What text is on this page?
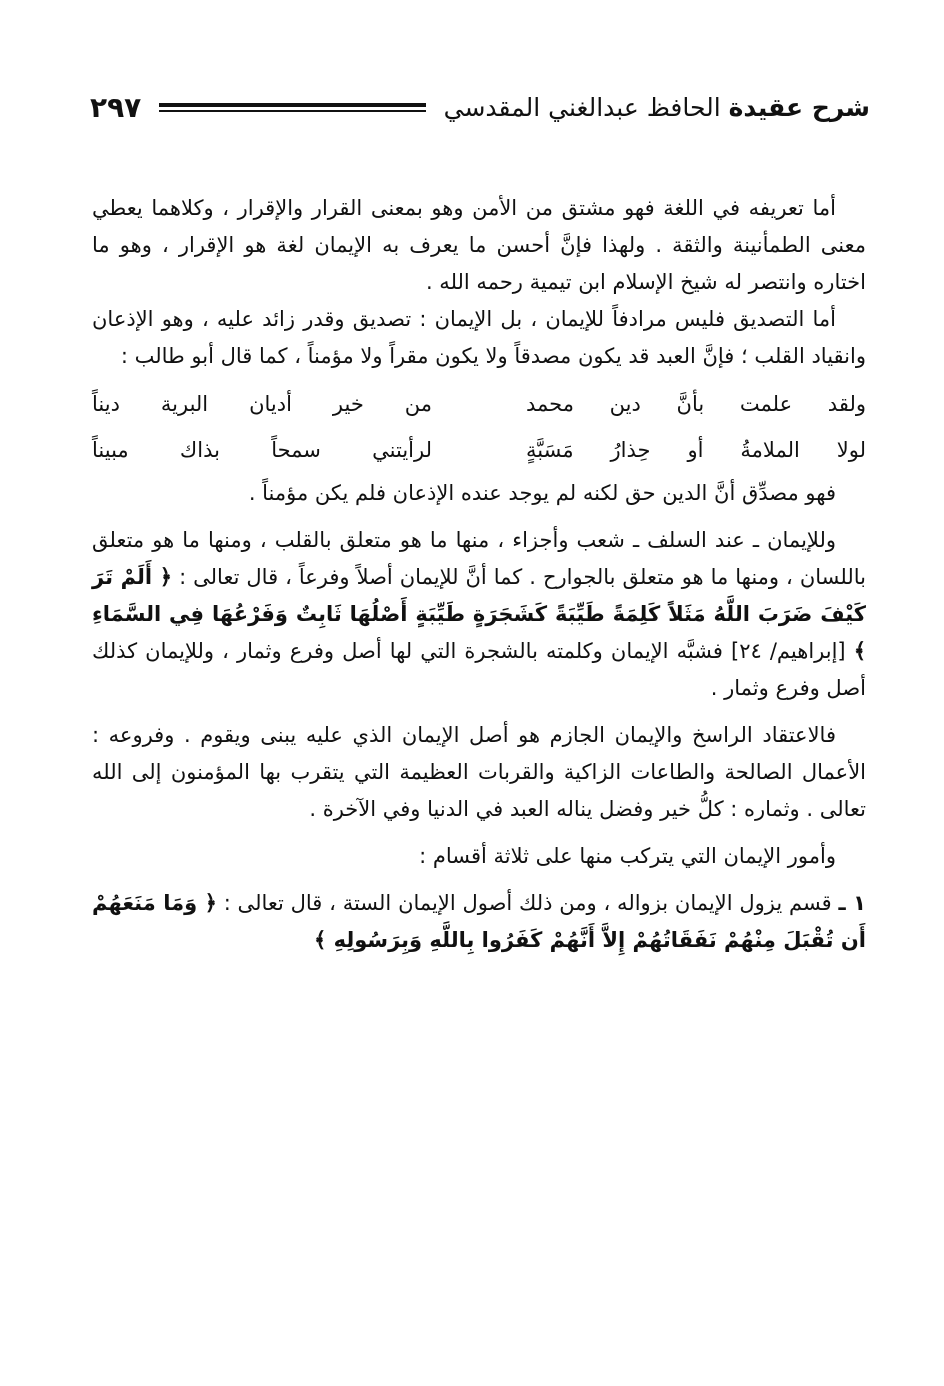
شرح عقيدة الحافظ عبدالغني المقدسي
٢٩٧

أما تعريفه في اللغة فهو مشتق من الأمن وهو بمعنى القرار والإقرار ، وكلاهما يعطي معنى الطمأنينة والثقة . ولهذا فإنَّ أحسن ما يعرف به الإيمان لغة هو الإقرار ، وهو ما اختاره وانتصر له شيخ الإسلام ابن تيمية رحمه الله .

أما التصديق فليس مرادفاً للإيمان ، بل الإيمان : تصديق وقدر زائد عليه ، وهو الإذعان وانقياد القلب ؛ فإنَّ العبد قد يكون مصدقاً ولا يكون مقراً ولا مؤمناً ، كما قال أبو طالب :

ولقد علمت بأنَّ دين محمد
من خير أديان البرية ديناً
لولا الملامةُ أو حِذارُ مَسَبَّةٍ
لرأيتني سمحاً بذاك مبيناً

فهو مصدِّق أنَّ الدين حق لكنه لم يوجد عنده الإذعان فلم يكن مؤمناً .

وللإيمان ـ عند السلف ـ شعب وأجزاء ، منها ما هو متعلق بالقلب ، ومنها ما هو متعلق باللسان ، ومنها ما هو متعلق بالجوارح . كما أنَّ للإيمان أصلاً وفرعاً ، قال تعالى : ﴿ أَلَمْ تَرَ كَيْفَ ضَرَبَ اللَّهُ مَثَلاً كَلِمَةً طَيِّبَةً كَشَجَرَةٍ طَيِّبَةٍ أَصْلُهَا ثَابِتٌ وَفَرْعُهَا فِي السَّمَاءِ ﴾ [إبراهيم/ ٢٤] فشبَّه الإيمان وكلمته بالشجرة التي لها أصل وفرع وثمار ، وللإيمان كذلك أصل وفرع وثمار .

فالاعتقاد الراسخ والإيمان الجازم هو أصل الإيمان الذي عليه يبنى ويقوم . وفروعه : الأعمال الصالحة والطاعات الزاكية والقربات العظيمة التي يتقرب بها المؤمنون إلى الله تعالى . وثماره : كلُّ خير وفضل يناله العبد في الدنيا وفي الآخرة .

وأمور الإيمان التي يتركب منها على ثلاثة أقسام :

١ ـ قسم يزول الإيمان بزواله ، ومن ذلك أصول الإيمان الستة ، قال تعالى : ﴿ وَمَا مَنَعَهُمْ أَن تُقْبَلَ مِنْهُمْ نَفَقَاتُهُمْ إِلاَّ أَنَّهُمْ كَفَرُوا بِاللَّهِ وَبِرَسُولِهِ ﴾
